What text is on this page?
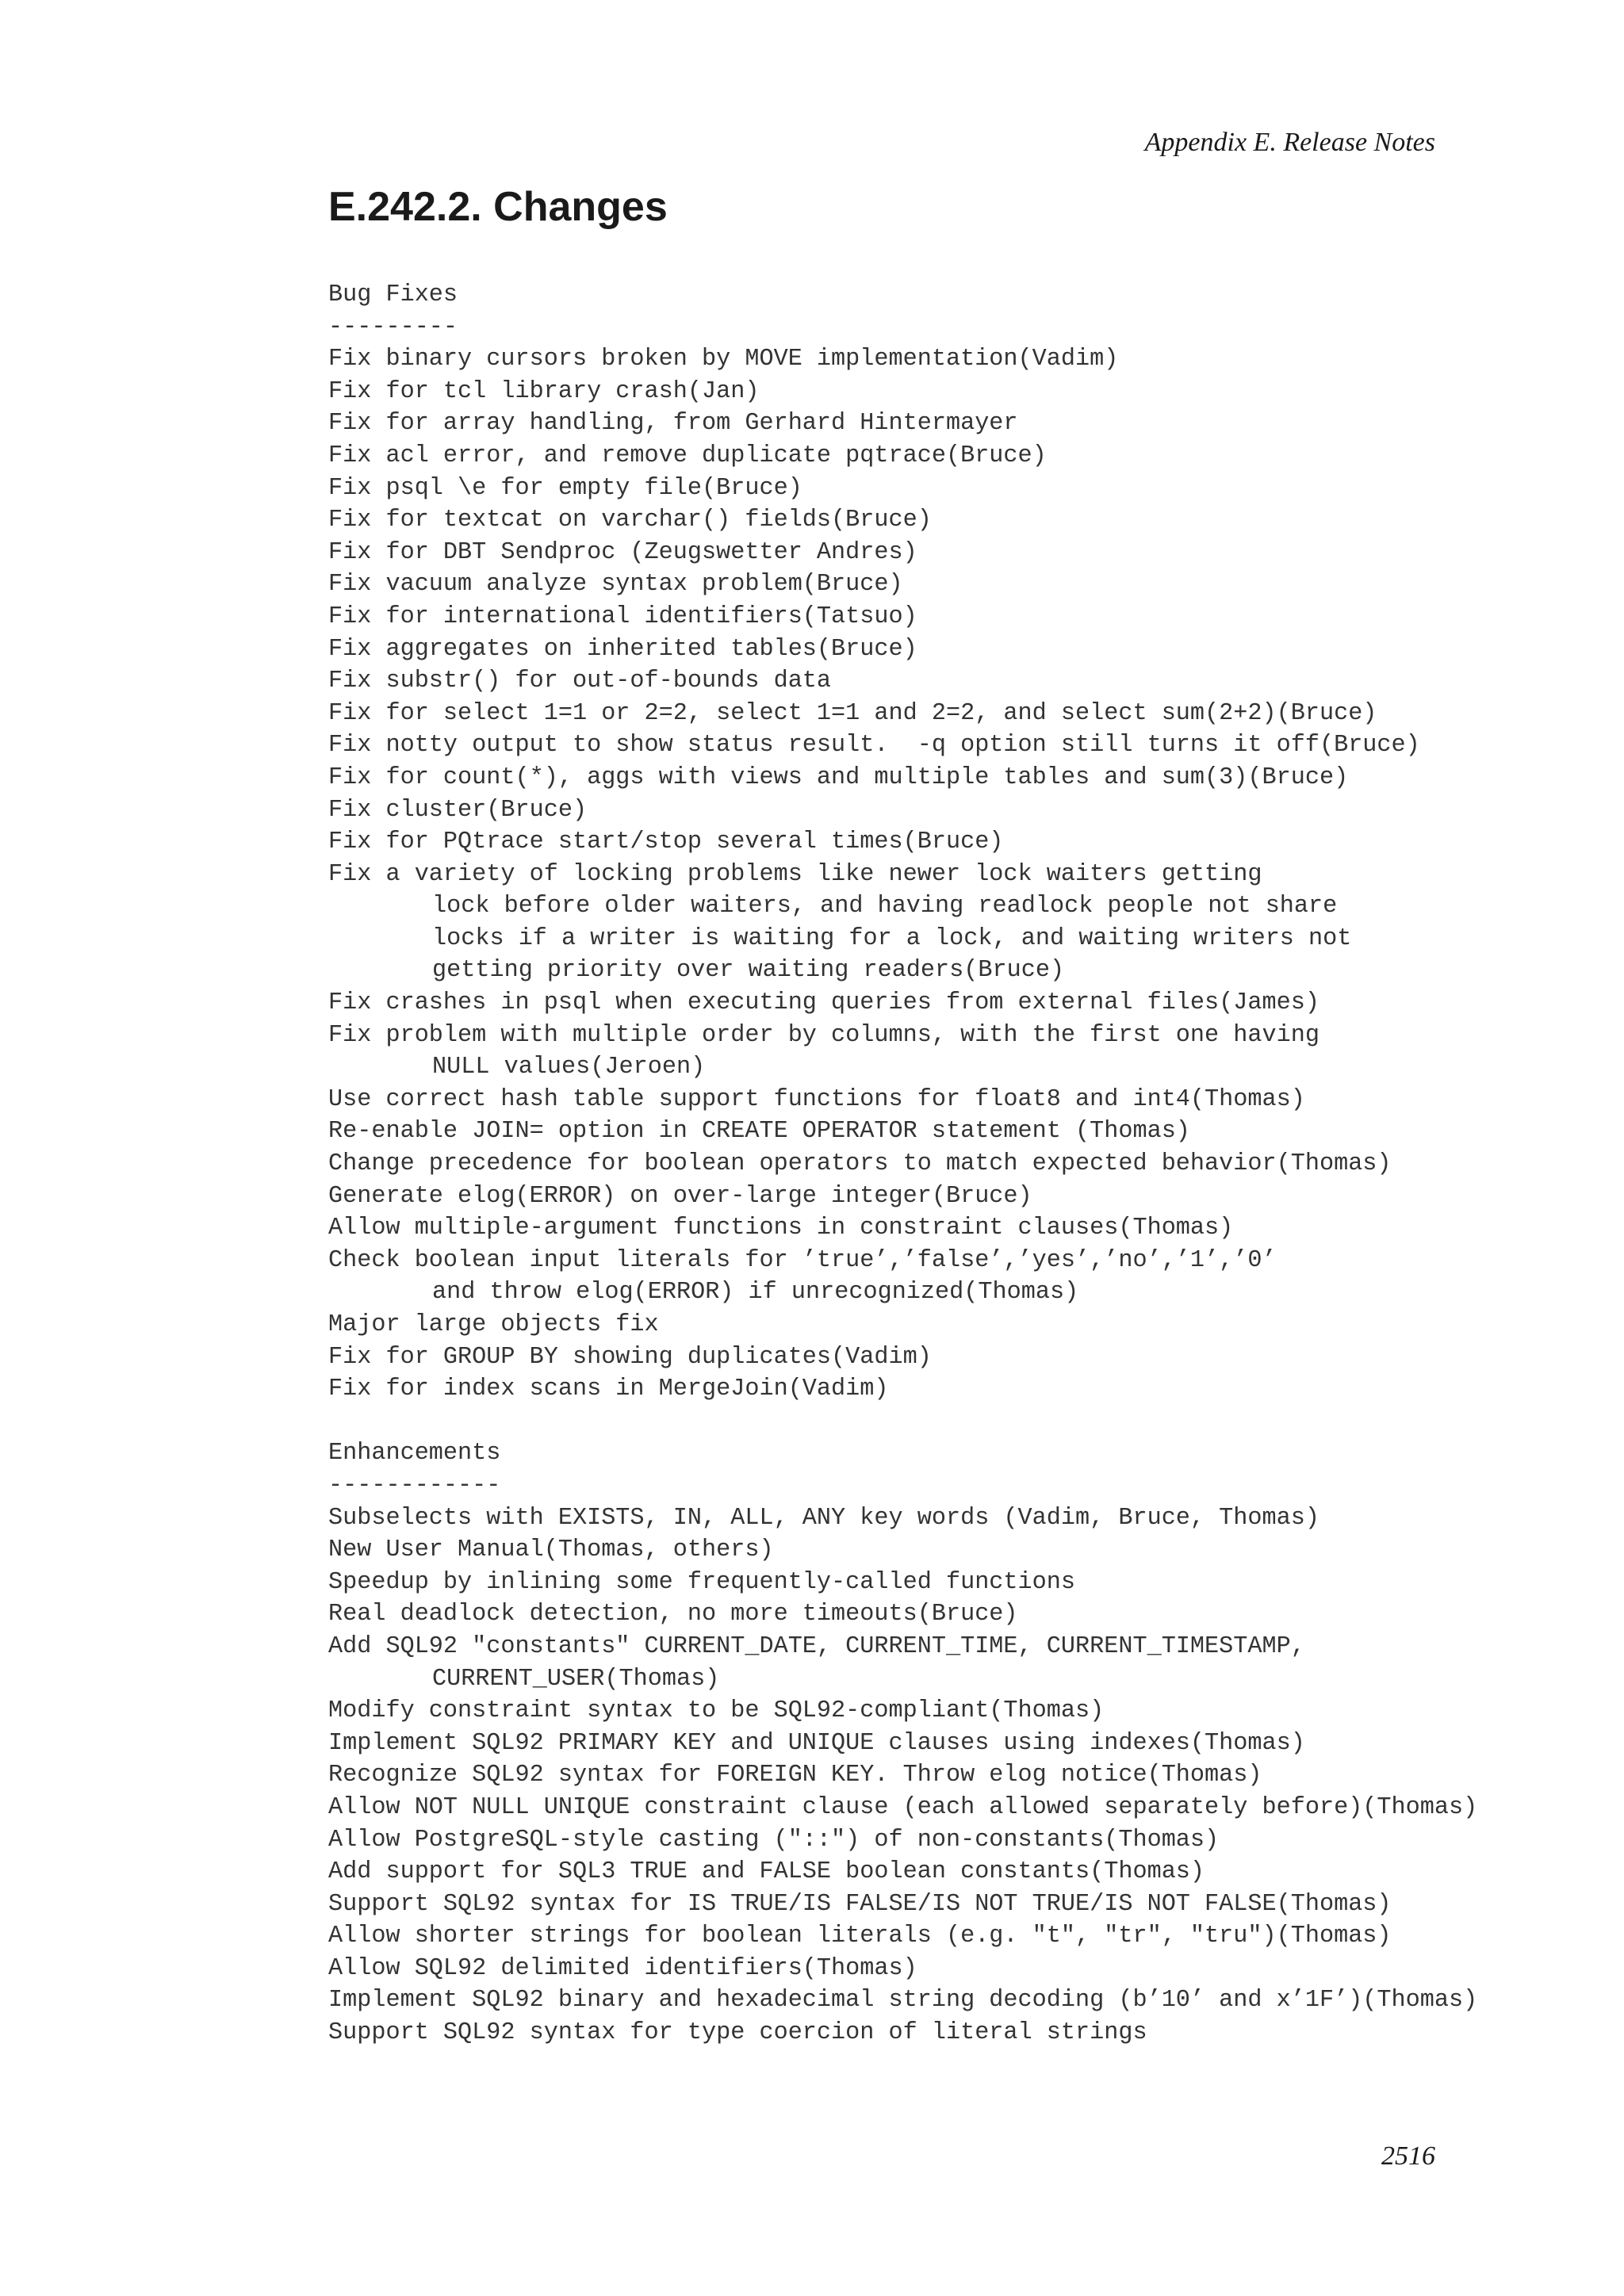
Appendix E. Release Notes
E.242.2. Changes
Bug Fixes
---------
Fix binary cursors broken by MOVE implementation(Vadim)
Fix for tcl library crash(Jan)
Fix for array handling, from Gerhard Hintermayer
Fix acl error, and remove duplicate pqtrace(Bruce)
Fix psql \e for empty file(Bruce)
Fix for textcat on varchar() fields(Bruce)
Fix for DBT Sendproc (Zeugswetter Andres)
Fix vacuum analyze syntax problem(Bruce)
Fix for international identifiers(Tatsuo)
Fix aggregates on inherited tables(Bruce)
Fix substr() for out-of-bounds data
Fix for select 1=1 or 2=2, select 1=1 and 2=2, and select sum(2+2)(Bruce)
Fix notty output to show status result.  -q option still turns it off(Bruce)
Fix for count(*), aggs with views and multiple tables and sum(3)(Bruce)
Fix cluster(Bruce)
Fix for PQtrace start/stop several times(Bruce)
Fix a variety of locking problems like newer lock waiters getting
lock before older waiters, and having readlock people not share
locks if a writer is waiting for a lock, and waiting writers not
getting priority over waiting readers(Bruce)
Fix crashes in psql when executing queries from external files(James)
Fix problem with multiple order by columns, with the first one having
NULL values(Jeroen)
Use correct hash table support functions for float8 and int4(Thomas)
Re-enable JOIN= option in CREATE OPERATOR statement (Thomas)
Change precedence for boolean operators to match expected behavior(Thomas)
Generate elog(ERROR) on over-large integer(Bruce)
Allow multiple-argument functions in constraint clauses(Thomas)
Check boolean input literals for ’true’,’false’,’yes’,’no’,’1’,’0’
and throw elog(ERROR) if unrecognized(Thomas)
Major large objects fix
Fix for GROUP BY showing duplicates(Vadim)
Fix for index scans in MergeJoin(Vadim)
Enhancements
------------
Subselects with EXISTS, IN, ALL, ANY key words (Vadim, Bruce, Thomas)
New User Manual(Thomas, others)
Speedup by inlining some frequently-called functions
Real deadlock detection, no more timeouts(Bruce)
Add SQL92 "constants" CURRENT_DATE, CURRENT_TIME, CURRENT_TIMESTAMP,
CURRENT_USER(Thomas)
Modify constraint syntax to be SQL92-compliant(Thomas)
Implement SQL92 PRIMARY KEY and UNIQUE clauses using indexes(Thomas)
Recognize SQL92 syntax for FOREIGN KEY. Throw elog notice(Thomas)
Allow NOT NULL UNIQUE constraint clause (each allowed separately before)(Thomas)
Allow PostgreSQL-style casting ("::") of non-constants(Thomas)
Add support for SQL3 TRUE and FALSE boolean constants(Thomas)
Support SQL92 syntax for IS TRUE/IS FALSE/IS NOT TRUE/IS NOT FALSE(Thomas)
Allow shorter strings for boolean literals (e.g. "t", "tr", "tru")(Thomas)
Allow SQL92 delimited identifiers(Thomas)
Implement SQL92 binary and hexadecimal string decoding (b’10’ and x’1F’)(Thomas)
Support SQL92 syntax for type coercion of literal strings
2516
